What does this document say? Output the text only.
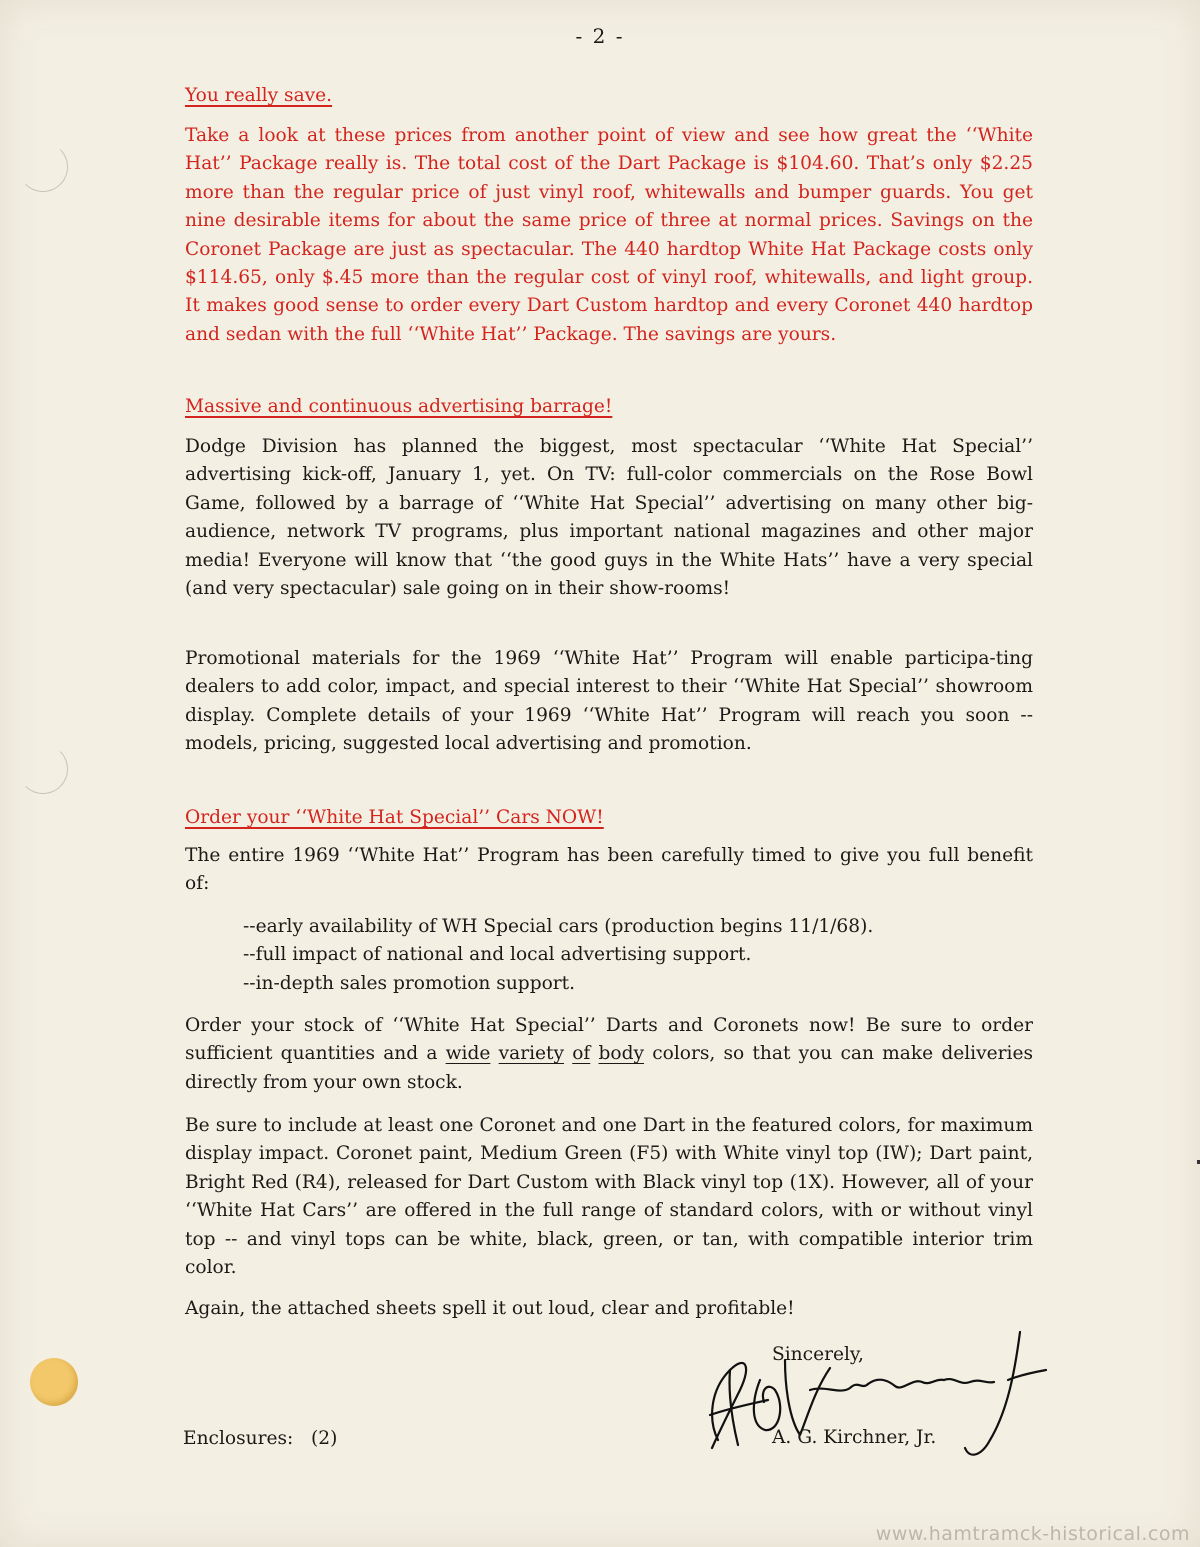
- 2 -
You really save.

Take a look at these prices from another point of view and see how great the ‘‘White Hat’’ Package really is. The total cost of the Dart Package is $104.60. That’s only $2.25 more than the regular price of just vinyl roof, whitewalls and bumper guards. You get nine desirable items for about the same price of three at normal prices. Savings on the Coronet Package are just as spectacular. The 440 hardtop White Hat Package costs only $114.65, only $.45 more than the regular cost of vinyl roof, whitewalls, and light group. It makes good sense to order every Dart Custom hardtop and every Coronet 440 hardtop and sedan with the full ‘‘White Hat’’ Package. The savings are yours.

Massive and continuous advertising barrage!

Dodge Division has planned the biggest, most spectacular ‘‘White Hat Special’’ advertising kick-off, January 1, yet. On TV: full-color commercials on the Rose Bowl Game, followed by a barrage of ‘‘White Hat Special’’ advertising on many other big-audience, network TV programs, plus important national magazines and other major media! Everyone will know that ‘‘the good guys in the White Hats’’ have a very special (and very spectacular) sale going on in their show-rooms!

Promotional materials for the 1969 ‘‘White Hat’’ Program will enable participa-ting dealers to add color, impact, and special interest to their ‘‘White Hat Special’’ showroom display. Complete details of your 1969 ‘‘White Hat’’ Program will reach you soon -- models, pricing, suggested local advertising and promotion.

Order your ‘‘White Hat Special’’ Cars NOW!

The entire 1969 ‘‘White Hat’’ Program has been carefully timed to give you full benefit of:

--early availability of WH Special cars (production begins 11/1/68).
--full impact of national and local advertising support.
--in-depth sales promotion support.

Order your stock of ‘‘White Hat Special’’ Darts and Coronets now! Be sure to order sufficient quantities and a wide variety of body colors, so that you can make deliveries directly from your own stock.

Be sure to include at least one Coronet and one Dart in the featured colors, for maximum display impact. Coronet paint, Medium Green (F5) with White vinyl top (IW); Dart paint, Bright Red (R4), released for Dart Custom with Black vinyl top (1X). However, all of your ‘‘White Hat Cars’’ are offered in the full range of standard colors, with or without vinyl top -- and vinyl tops can be white, black, green, or tan, with compatible interior trim color.

Again, the attached sheets spell it out loud, clear and profitable!
Sincerely,
A. G. Kirchner, Jr.
Enclosures:   (2)
www.hamtramck-historical.com
